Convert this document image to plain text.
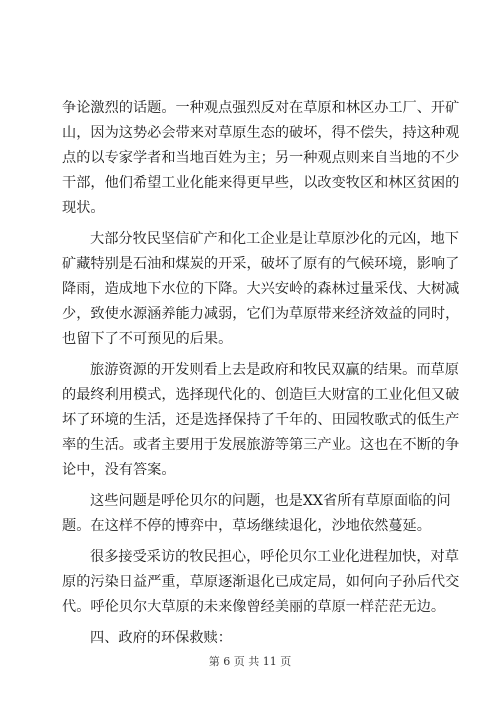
争论激烈的话题。一种观点强烈反对在草原和林区办工厂、开矿
山，因为这势必会带来对草原生态的破坏，得不偿失，持这种观
点的以专家学者和当地百姓为主；另一种观点则来自当地的不少
干部，他们希望工业化能来得更早些，以改变牧区和林区贫困的
现状。
大部分牧民坚信矿产和化工企业是让草原沙化的元凶，地下
矿藏特别是石油和煤炭的开采，破坏了原有的气候环境，影响了
降雨，造成地下水位的下降。大兴安岭的森林过量采伐、大树减
少，致使水源涵养能力减弱，它们为草原带来经济效益的同时，
也留下了不可预见的后果。
旅游资源的开发则看上去是政府和牧民双赢的结果。而草原
的最终利用模式，选择现代化的、创造巨大财富的工业化但又破
坏了环境的生活，还是选择保持了千年的、田园牧歌式的低生产
率的生活。或者主要用于发展旅游等第三产业。这也在不断的争
论中，没有答案。
这些问题是呼伦贝尔的问题，也是XX省所有草原面临的问
题。在这样不停的博弈中，草场继续退化，沙地依然蔓延。
很多接受采访的牧民担心，呼伦贝尔工业化进程加快，对草
原的污染日益严重，草原逐渐退化已成定局，如何向子孙后代交
代。呼伦贝尔大草原的未来像曾经美丽的草原一样茫茫无边。
四、政府的环保救赎：
第 6 页 共 11 页
